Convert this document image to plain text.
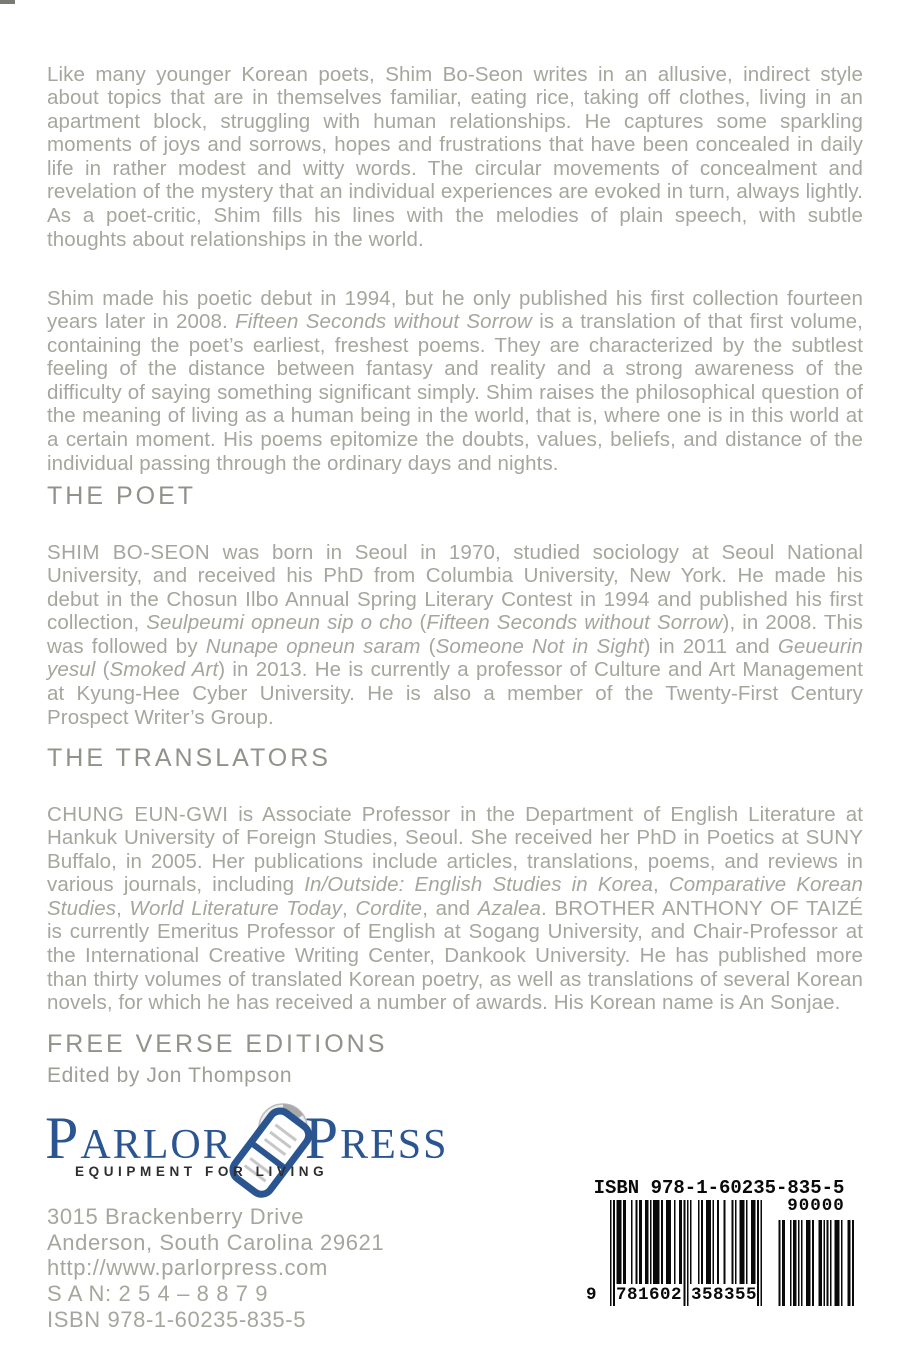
Like many younger Korean poets, Shim Bo-Seon writes in an allusive, indirect style about topics that are in themselves familiar, eating rice, taking off clothes, living in an apartment block, struggling with human relationships. He captures some sparkling moments of joys and sorrows, hopes and frustrations that have been concealed in daily life in rather modest and witty words. The circular movements of concealment and revelation of the mystery that an individual experiences are evoked in turn, always lightly. As a poet-critic, Shim fills his lines with the melodies of plain speech, with subtle thoughts about relationships in the world.

Shim made his poetic debut in 1994, but he only published his first collection fourteen years later in 2008. Fifteen Seconds without Sorrow is a translation of that first volume, containing the poet’s earliest, freshest poems. They are characterized by the subtlest feeling of the distance between fantasy and reality and a strong awareness of the difficulty of saying something significant simply. Shim raises the philosophical question of the meaning of living as a human being in the world, that is, where one is in this world at a certain moment. His poems epitomize the doubts, values, beliefs, and distance of the individual passing through the ordinary days and nights.

THE POET

SHIM BO-SEON was born in Seoul in 1970, studied sociology at Seoul National University, and received his PhD from Columbia University, New York. He made his debut in the Chosun Ilbo Annual Spring Literary Contest in 1994 and published his first collection, Seulpeumi opneun sip o cho (Fifteen Seconds without Sorrow), in 2008. This was followed by Nunape opneun saram (Someone Not in Sight) in 2011 and Geueurin yesul (Smoked Art) in 2013. He is currently a professor of Culture and Art Management at Kyung-Hee Cyber University. He is also a member of the Twenty-First Century Prospect Writer’s Group.

THE TRANSLATORS

CHUNG EUN-GWI is Associate Professor in the Department of English Literature at Hankuk University of Foreign Studies, Seoul. She received her PhD in Poetics at SUNY Buffalo, in 2005. Her publications include articles, translations, poems, and reviews in various journals, including In/Outside: English Studies in Korea, Comparative Korean Studies, World Literature Today, Cordite, and Azalea. BROTHER ANTHONY OF TAIZÉ is currently Emeritus Professor of English at Sogang University, and Chair-Professor at the International Creative Writing Center, Dankook University. He has published more than thirty volumes of translated Korean poetry, as well as translations of several Korean novels, for which he has received a number of awards. His Korean name is An Sonjae.

FREE VERSE EDITIONS
Edited by Jon Thompson
Parlor Press
EQUIPMENT FOR LIVING
3015 Brackenberry Drive
Anderson, South Carolina 29621
http://www.parlorpress.com
S A N: 2 5 4 – 8 8 7 9
ISBN 978-1-60235-835-5
ISBN 978-1-60235-835-5
9 781602 358355
90000
